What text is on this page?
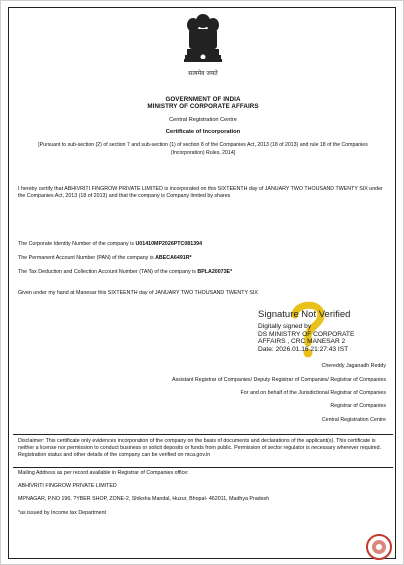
सत्यमेव जयते
GOVERNMENT OF INDIA
MINISTRY OF CORPORATE AFFAIRS
Central Registration Centre
Certificate of Incorporation
[Pursuant to sub-section (2) of section 7 and sub-section (1) of section 8 of the Companies Act, 2013 (18 of 2013) and rule 18 of the Companies (Incorporation) Rules, 2014]
I hereby certify that ABHIVRITI FINGROW PRIVATE LIMITED is incorporated on this SIXTEENTH day of JANUARY TWO THOUSAND TWENTY SIX under the Companies Act, 2013 (18 of 2013) and that the company is Company limited by shares
The Corporate Identity Number of the company is U01410MP2026PTC081394
The Permanent Account Number (PAN) of the company is ABECA6491R*
The Tax Deduction and Collection Account Number (TAN) of the company is BPLA20073E*
Given under my hand at Manesar this SIXTEENTH day of JANUARY TWO THOUSAND TWENTY SIX
Signature Not Verified
Digitally signed by
DS MINISTRY OF CORPORATE
AFFAIRS , CRC MANESAR 2
Date: 2026.01.16 21:27:43 IST
Chereddy Jaganadh Reddy
Assistant Registrar of Companies/ Deputy Registrar of Companies/ Registrar of Companies
For and on behalf of the Jurisdictional Registrar of Companies
Registrar of Companies
Central Registration Centre
Disclaimer: This certificate only evidences incorporation of the company on the basis of documents and declarations of the applicant(s). This certificate is neither a license nor permission to conduct business or solicit deposits or funds from public. Permission of sector regulator is necessary wherever required. Registration status and other details of the company can be verified on mca.gov.in
Mailing Address as per record available in Registrar of Companies office:
ABHIVRITI FINGROW PRIVATE LIMITED
MPNAGAR, P.NO 196, ?YBER SHOP, ZONE-2, Shiksha Mandal, Huzur, Bhopal- 462011, Madhya Pradesh
*as issued by Income tax Department
